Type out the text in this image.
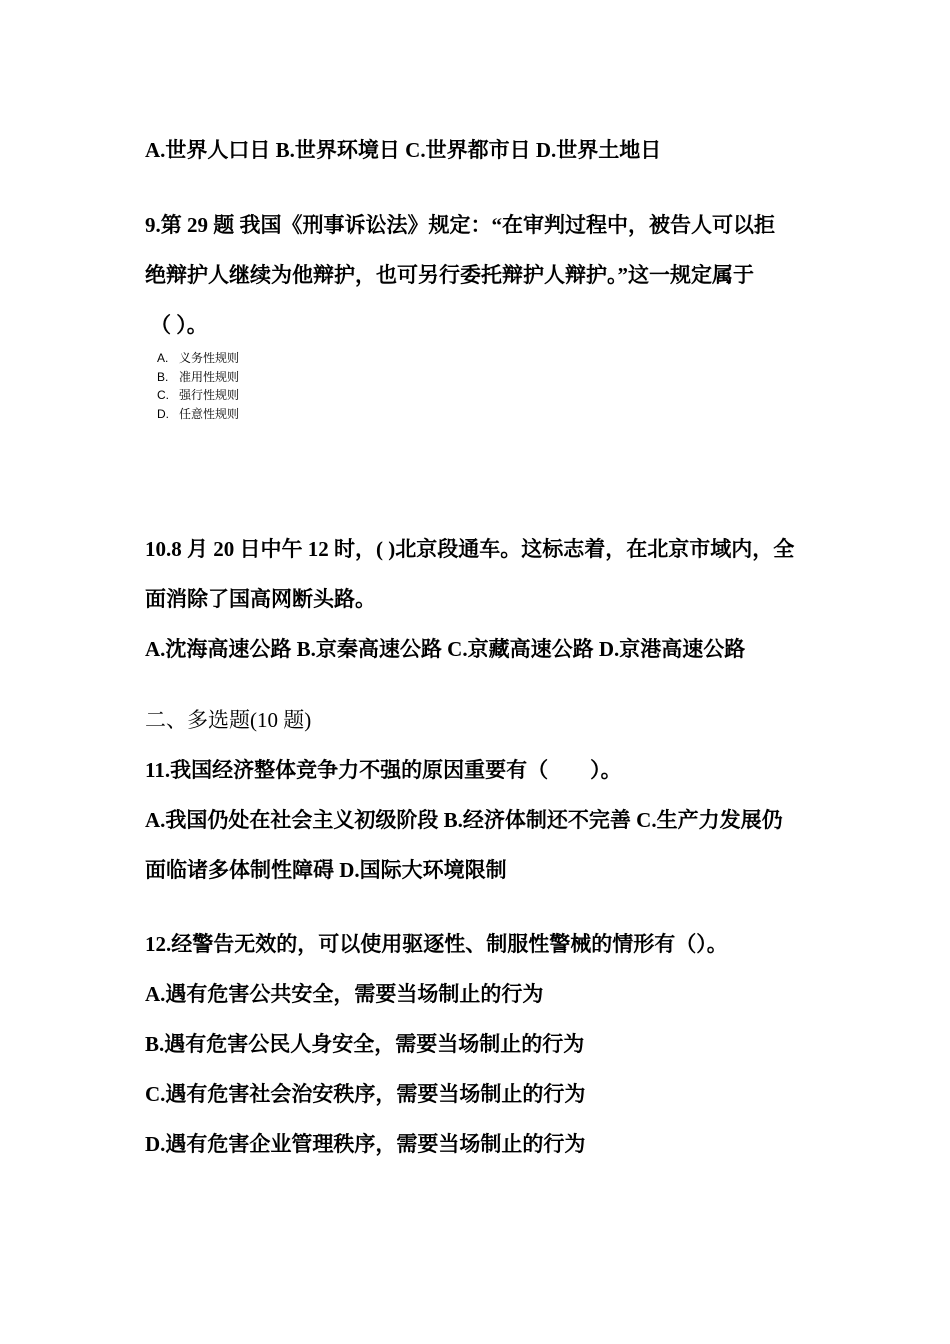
A.世界人口日 B.世界环境日 C.世界都市日 D.世界土地日
9.第 29 题 我国《刑事诉讼法》规定：“在审判过程中，被告人可以拒
绝辩护人继续为他辩护，也可另行委托辩护人辩护。”这一规定属于
（ ）。
A. 义务性规则
B. 准用性规则
C. 强行性规则
D. 任意性规则
10.8 月 20 日中午 12 时，( )北京段通车。这标志着，在北京市域内，全
面消除了国高网断头路。
A.沈海高速公路 B.京秦高速公路 C.京藏高速公路 D.京港高速公路
二、多选题(10 题)
11.我国经济整体竞争力不强的原因重要有（　　）。
A.我国仍处在社会主义初级阶段 B.经济体制还不完善 C.生产力发展仍
面临诸多体制性障碍 D.国际大环境限制
12.经警告无效的，可以使用驱逐性、制服性警械的情形有（）。
A.遇有危害公共安全，需要当场制止的行为
B.遇有危害公民人身安全，需要当场制止的行为
C.遇有危害社会治安秩序，需要当场制止的行为
D.遇有危害企业管理秩序，需要当场制止的行为
